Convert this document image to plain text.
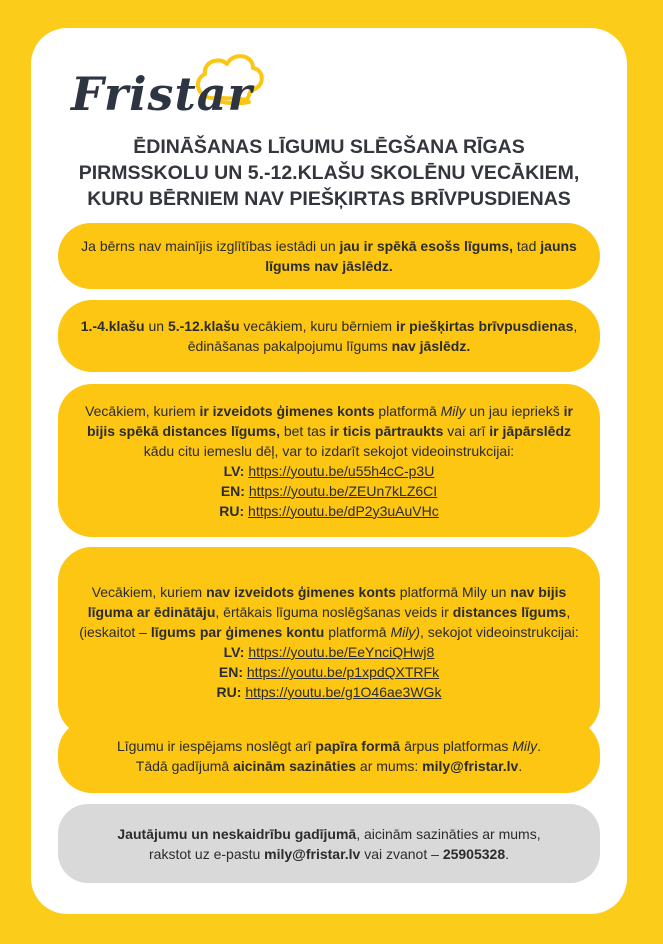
Fristar
ĒDINĀŠANAS LĪGUMU SLĒGŠANA RĪGAS
PIRMSSKOLU UN 5.-12.KLAŠU SKOLĒNU VECĀKIEM,
KURU BĒRNIEM NAV PIEŠĶIRTAS BRĪVPUSDIENAS

Ja bērns nav mainījis izglītības iestādi un jau ir spēkā esošs līgums, tad jauns līgums nav jāslēdz.

1.-4.klašu un 5.-12.klašu vecākiem, kuru bērniem ir piešķirtas brīvpusdienas, ēdināšanas pakalpojumu līgums nav jāslēdz.

Vecākiem, kuriem ir izveidots ģimenes konts platformā Mily un jau iepriekš ir bijis spēkā distances līgums, bet tas ir ticis pārtraukts vai arī ir jāpārslēdz kādu citu iemeslu dēļ, var to izdarīt sekojot videoinstrukcijai:

LV: https://youtu.be/u55h4cC-p3U

EN: https://youtu.be/ZEUn7kLZ6CI

RU: https://youtu.be/dP2y3uAuVHc

Vecākiem, kuriem nav izveidots ģimenes konts platformā Mily un nav bijis līguma ar ēdinātāju, ērtākais līguma noslēgšanas veids ir distances līgums, (ieskaitot – līgums par ģimenes kontu platformā Mily), sekojot videoinstrukcijai:

LV: https://youtu.be/EeYnciQHwj8

EN: https://youtu.be/p1xpdQXTRFk

RU: https://youtu.be/g1O46ae3WGk

Līgumu ir iespējams noslēgt arī papīra formā ārpus platformas Mily.

Tādā gadījumā aicinām sazināties ar mums: mily@fristar.lv.

Jautājumu un neskaidrību gadījumā, aicinām sazināties ar mums,

rakstot uz e-pastu mily@fristar.lv vai zvanot – 25905328.
